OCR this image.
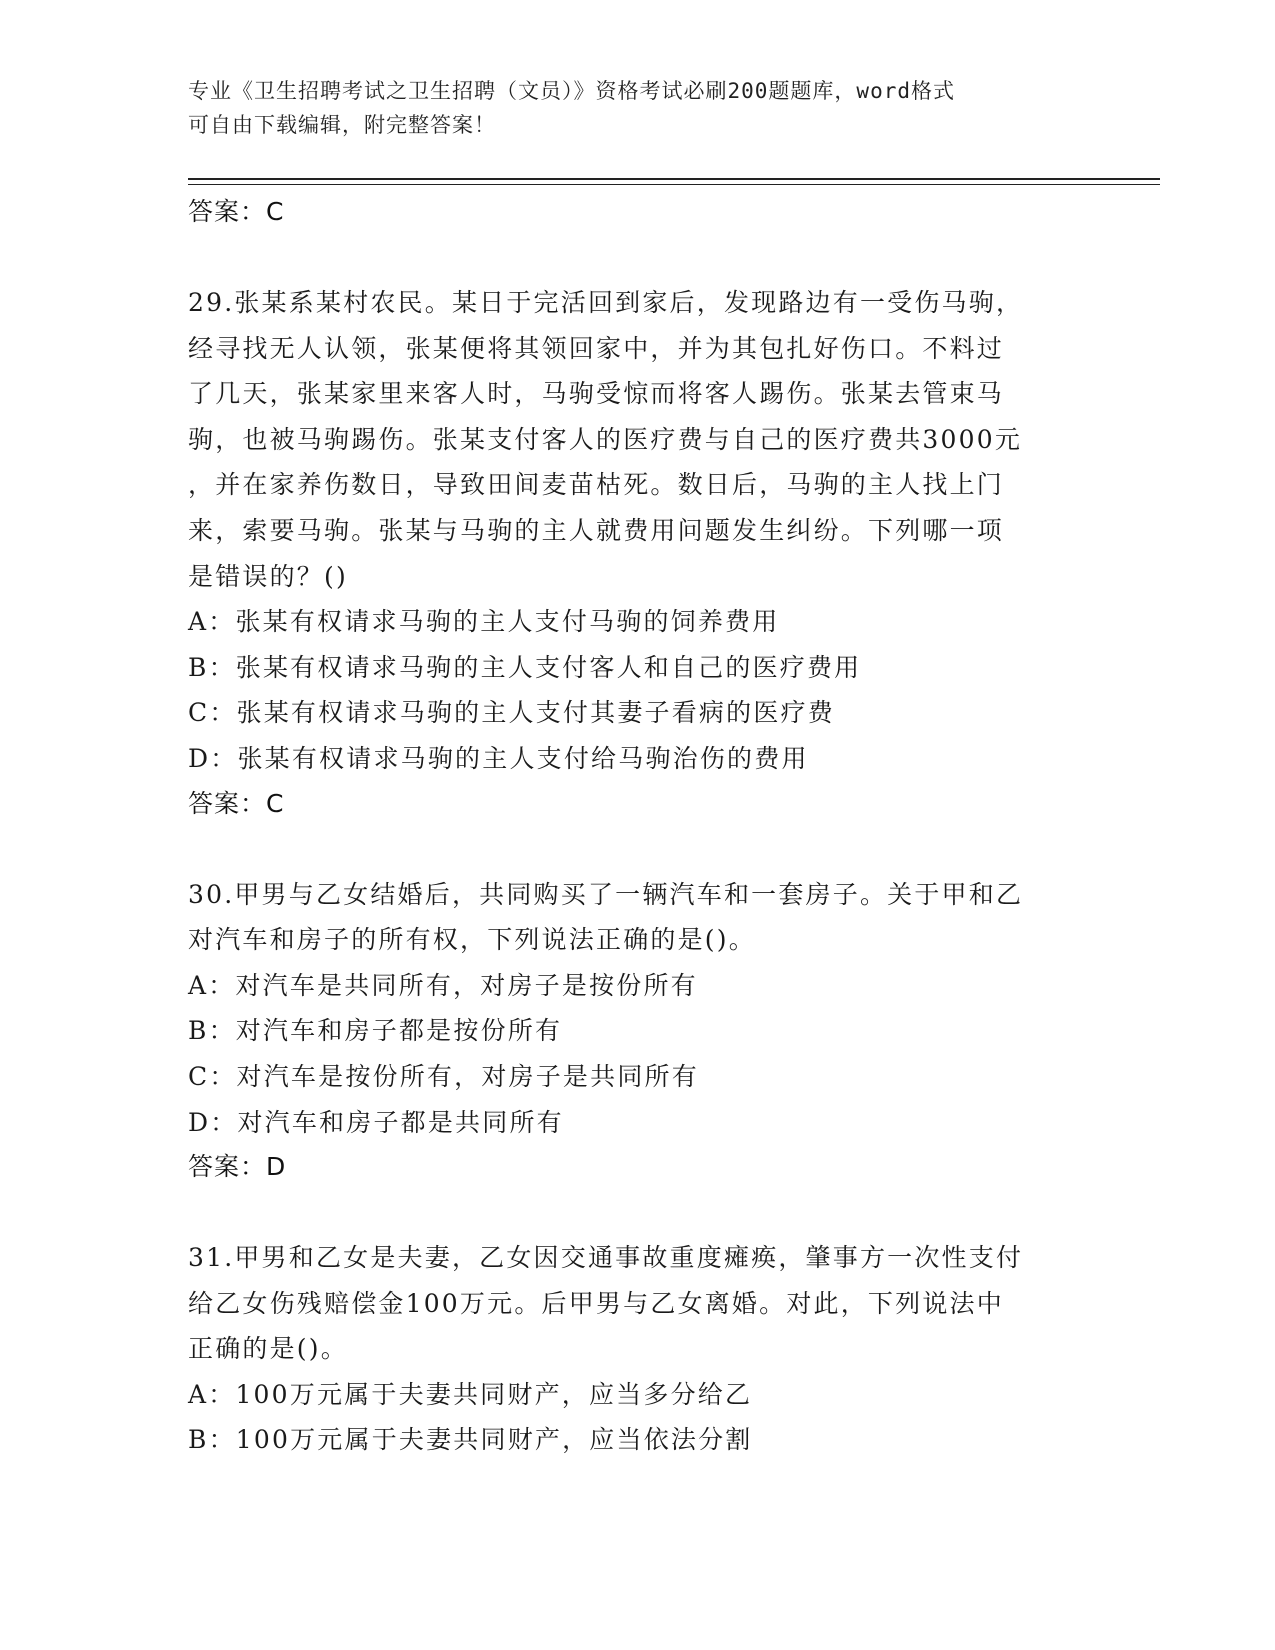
专业《卫生招聘考试之卫生招聘（文员）》资格考试必刷200题题库，word格式
可自由下载编辑，附完整答案！
答案：C
29.张某系某村农民。某日于完活回到家后，发现路边有一受伤马驹，
经寻找无人认领，张某便将其领回家中，并为其包扎好伤口。不料过
了几天，张某家里来客人时，马驹受惊而将客人踢伤。张某去管束马
驹，也被马驹踢伤。张某支付客人的医疗费与自己的医疗费共3000元
，并在家养伤数日，导致田间麦苗枯死。数日后，马驹的主人找上门
来，索要马驹。张某与马驹的主人就费用问题发生纠纷。下列哪一项
是错误的？()
A：张某有权请求马驹的主人支付马驹的饲养费用
B：张某有权请求马驹的主人支付客人和自己的医疗费用
C：张某有权请求马驹的主人支付其妻子看病的医疗费
D：张某有权请求马驹的主人支付给马驹治伤的费用
答案：C
30.甲男与乙女结婚后，共同购买了一辆汽车和一套房子。关于甲和乙
对汽车和房子的所有权，下列说法正确的是()。
A：对汽车是共同所有，对房子是按份所有
B：对汽车和房子都是按份所有
C：对汽车是按份所有，对房子是共同所有
D：对汽车和房子都是共同所有
答案：D
31.甲男和乙女是夫妻，乙女因交通事故重度瘫痪，肇事方一次性支付
给乙女伤残赔偿金100万元。后甲男与乙女离婚。对此，下列说法中
正确的是()。
A：100万元属于夫妻共同财产，应当多分给乙
B：100万元属于夫妻共同财产，应当依法分割
